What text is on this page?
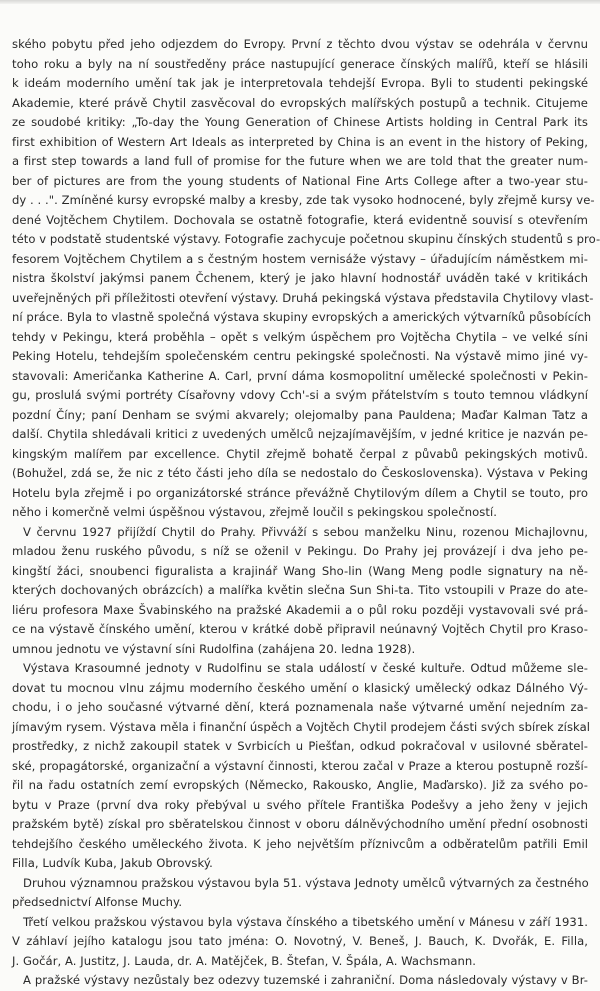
ského pobytu před jeho odjezdem do Evropy. První z těchto dvou výstav se odehrála v červnu
toho roku a byly na ní soustředěny práce nastupující generace čínských malířů, kteří se hlásili
k ideám moderního umění tak jak je interpretovala tehdejší Evropa. Byli to studenti pekingské
Akademie, které právě Chytil zasvěcoval do evropských malířských postupů a technik. Citujeme
ze soudobé kritiky: „To-day the Young Generation of Chinese Artists holding in Central Park its
first exhibition of Western Art Ideals as interpreted by China is an event in the history of Peking,
a first step towards a land full of promise for the future when we are told that the greater num-
ber of pictures are from the young students of National Fine Arts College after a two-year stu-
dy . . .". Zmíněné kursy evropské malby a kresby, zde tak vysoko hodnocené, byly zřejmě kursy ve-
dené Vojtěchem Chytilem. Dochovala se ostatně fotografie, která evidentně souvisí s otevřením
této v podstatě studentské výstavy. Fotografie zachycuje početnou skupinu čínských studentů s pro-
fesorem Vojtěchem Chytilem a s čestným hostem vernisáže výstavy – úřadujícím náměstkem mi-
nistra školství jakýmsi panem Čchenem, který je jako hlavní hodnostář uváděn také v kritikách
uveřejněných při příležitosti otevření výstavy. Druhá pekingská výstava představila Chytilovy vlast-
ní práce. Byla to vlastně společná výstava skupiny evropských a amerických výtvarníků působících
tehdy v Pekingu, která proběhla – opět s velkým úspěchem pro Vojtěcha Chytila – ve velké síni
Peking Hotelu, tehdejším společenském centru pekingské společnosti. Na výstavě mimo jiné vy-
stavovali: Američanka Katherine A. Carl, první dáma kosmopolitní umělecké společnosti v Pekin-
gu, proslulá svými portréty Císařovny vdovy Cch'-si a svým přátelstvím s touto temnou vládkyní
pozdní Číny; paní Denham se svými akvarely; olejomalby pana Pauldena; Maďar Kalman Tatz a
další. Chytila shledávali kritici z uvedených umělců nejzajímavějším, v jedné kritice je nazván pe-
kingským malířem par excellence. Chytil zřejmě bohatě čerpal z půvabů pekingských motivů.
(Bohužel, zdá se, že nic z této části jeho díla se nedostalo do Československa). Výstava v Peking
Hotelu byla zřejmě i po organizátorské stránce převážně Chytilovým dílem a Chytil se touto, pro
něho i komerčně velmi úspěšnou výstavou, zřejmě loučil s pekingskou společností.
V červnu 1927 přijíždí Chytil do Prahy. Přivváží s sebou manželku Ninu, rozenou Michajlovnu,
mladou ženu ruského původu, s níž se oženil v Pekingu. Do Prahy jej provázejí i dva jeho pe-
kingští žáci, snoubenci figuralista a krajinář Wang Sho-lin (Wang Meng podle signatury na ně-
kterých dochovaných obrázcích) a malířka květin slečna Sun Shi-ta. Tito vstoupili v Praze do ate-
liéru profesora Maxe Švabinského na pražské Akademii a o půl roku později vystavovali své prá-
ce na výstavě čínského umění, kterou v krátké době připravil neúnavný Vojtěch Chytil pro Kraso-
umnou jednotu ve výstavní síni Rudolfina (zahájena 20. ledna 1928).
Výstava Krasoumné jednoty v Rudolfinu se stala událostí v české kultuře. Odtud můžeme sle-
dovat tu mocnou vlnu zájmu moderního českého umění o klasický umělecký odkaz Dálného Vý-
chodu, i o jeho současné výtvarné dění, která poznamenala naše výtvarné umění nejedním za-
jímavým rysem. Výstava měla i finanční úspěch a Vojtěch Chytil prodejem části svých sbírek získal
prostředky, z nichž zakoupil statek v Svrbicích u Piešťan, odkud pokračoval v usilovné sběratel-
ské, propagátorské, organizační a výstavní činnosti, kterou začal v Praze a kterou postupně rozší-
řil na řadu ostatních zemí evropských (Německo, Rakousko, Anglie, Maďarsko). Již za svého po-
bytu v Praze (první dva roky přebýval u svého přítele Františka Podešvy a jeho ženy v jejich
pražském bytě) získal pro sběratelskou činnost v oboru dálněvýchodního umění přední osobnosti
tehdejšího českého uměleckého života. K jeho největším příznivcům a odběratelům patřili Emil
Filla, Ludvík Kuba, Jakub Obrovský.
Druhou významnou pražskou výstavou byla 51. výstava Jednoty umělců výtvarných za čestného
předsednictví Alfonse Muchy.
Třetí velkou pražskou výstavou byla výstava čínského a tibetského umění v Mánesu v září 1931.
V záhlaví jejího katalogu jsou tato jména: O. Novotný, V. Beneš, J. Bauch, K. Dvořák, E. Filla,
J. Gočár, A. Justitz, J. Lauda, dr. A. Matějček, B. Štefan, V. Špála, A. Wachsmann.
A pražské výstavy nezůstaly bez odezvy tuzemské i zahraniční. Doma následovaly výstavy v Br-
